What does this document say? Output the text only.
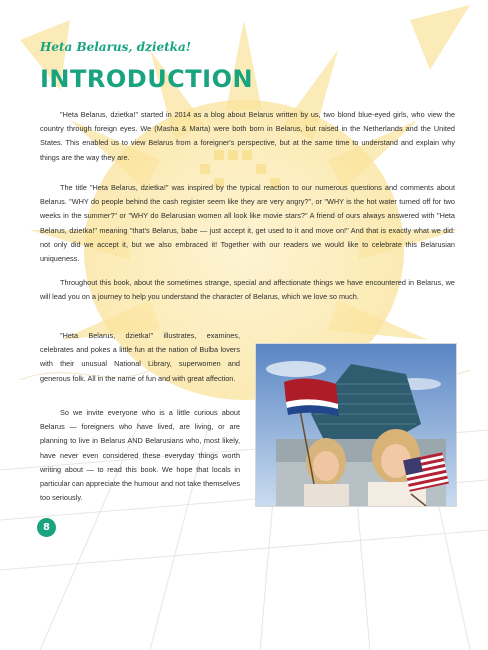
Heta Belarus, dzietka!
INTRODUCTION

"Heta Belarus, dzietka!" started in 2014 as a blog about Belarus written by us, two blond blue-eyed girls, who view the country through foreign eyes. We (Masha & Marta) were both born in Belarus, but raised in the Netherlands and the United States. This enabled us to view Belarus from a foreigner's perspective, but at the same time to understand and explain why things are the way they are.

The title "Heta Belarus, dzietka!" was inspired by the typical reaction to our numerous questions and comments about Belarus. "WHY do people behind the cash register seem like they are very angry?", or "WHY is the hot water turned off for two weeks in the summer?" or "WHY do Belarusian women all look like movie stars?" A friend of ours always answered with "Heta Belarus, dzietka!" meaning "that's Belarus, babe — just accept it, get used to it and move on!" And that is exactly what we did: not only did we accept it, but we also embraced it! Together with our readers we would like to celebrate this Belarusian uniqueness.

Throughout this book, about the sometimes strange, special and affectionate things we have encountered in Belarus, we will lead you on a journey to help you understand the character of Belarus, which we love so much.

"Heta Belarus, dzietka!" illustrates, examines, celebrates and pokes a little fun at the nation of Bulba lovers with their unusual National Library, superwomen and generous folk. All in the name of fun and with great affection.

So we invite everyone who is a little curious about Belarus — foreigners who have lived, are living, or are planning to live in Belarus AND Belarusians who, most likely, have never even considered these everyday things worth writing about — to read this book. We hope that locals in particular can appreciate the humour and not take themselves too seriously.

8
